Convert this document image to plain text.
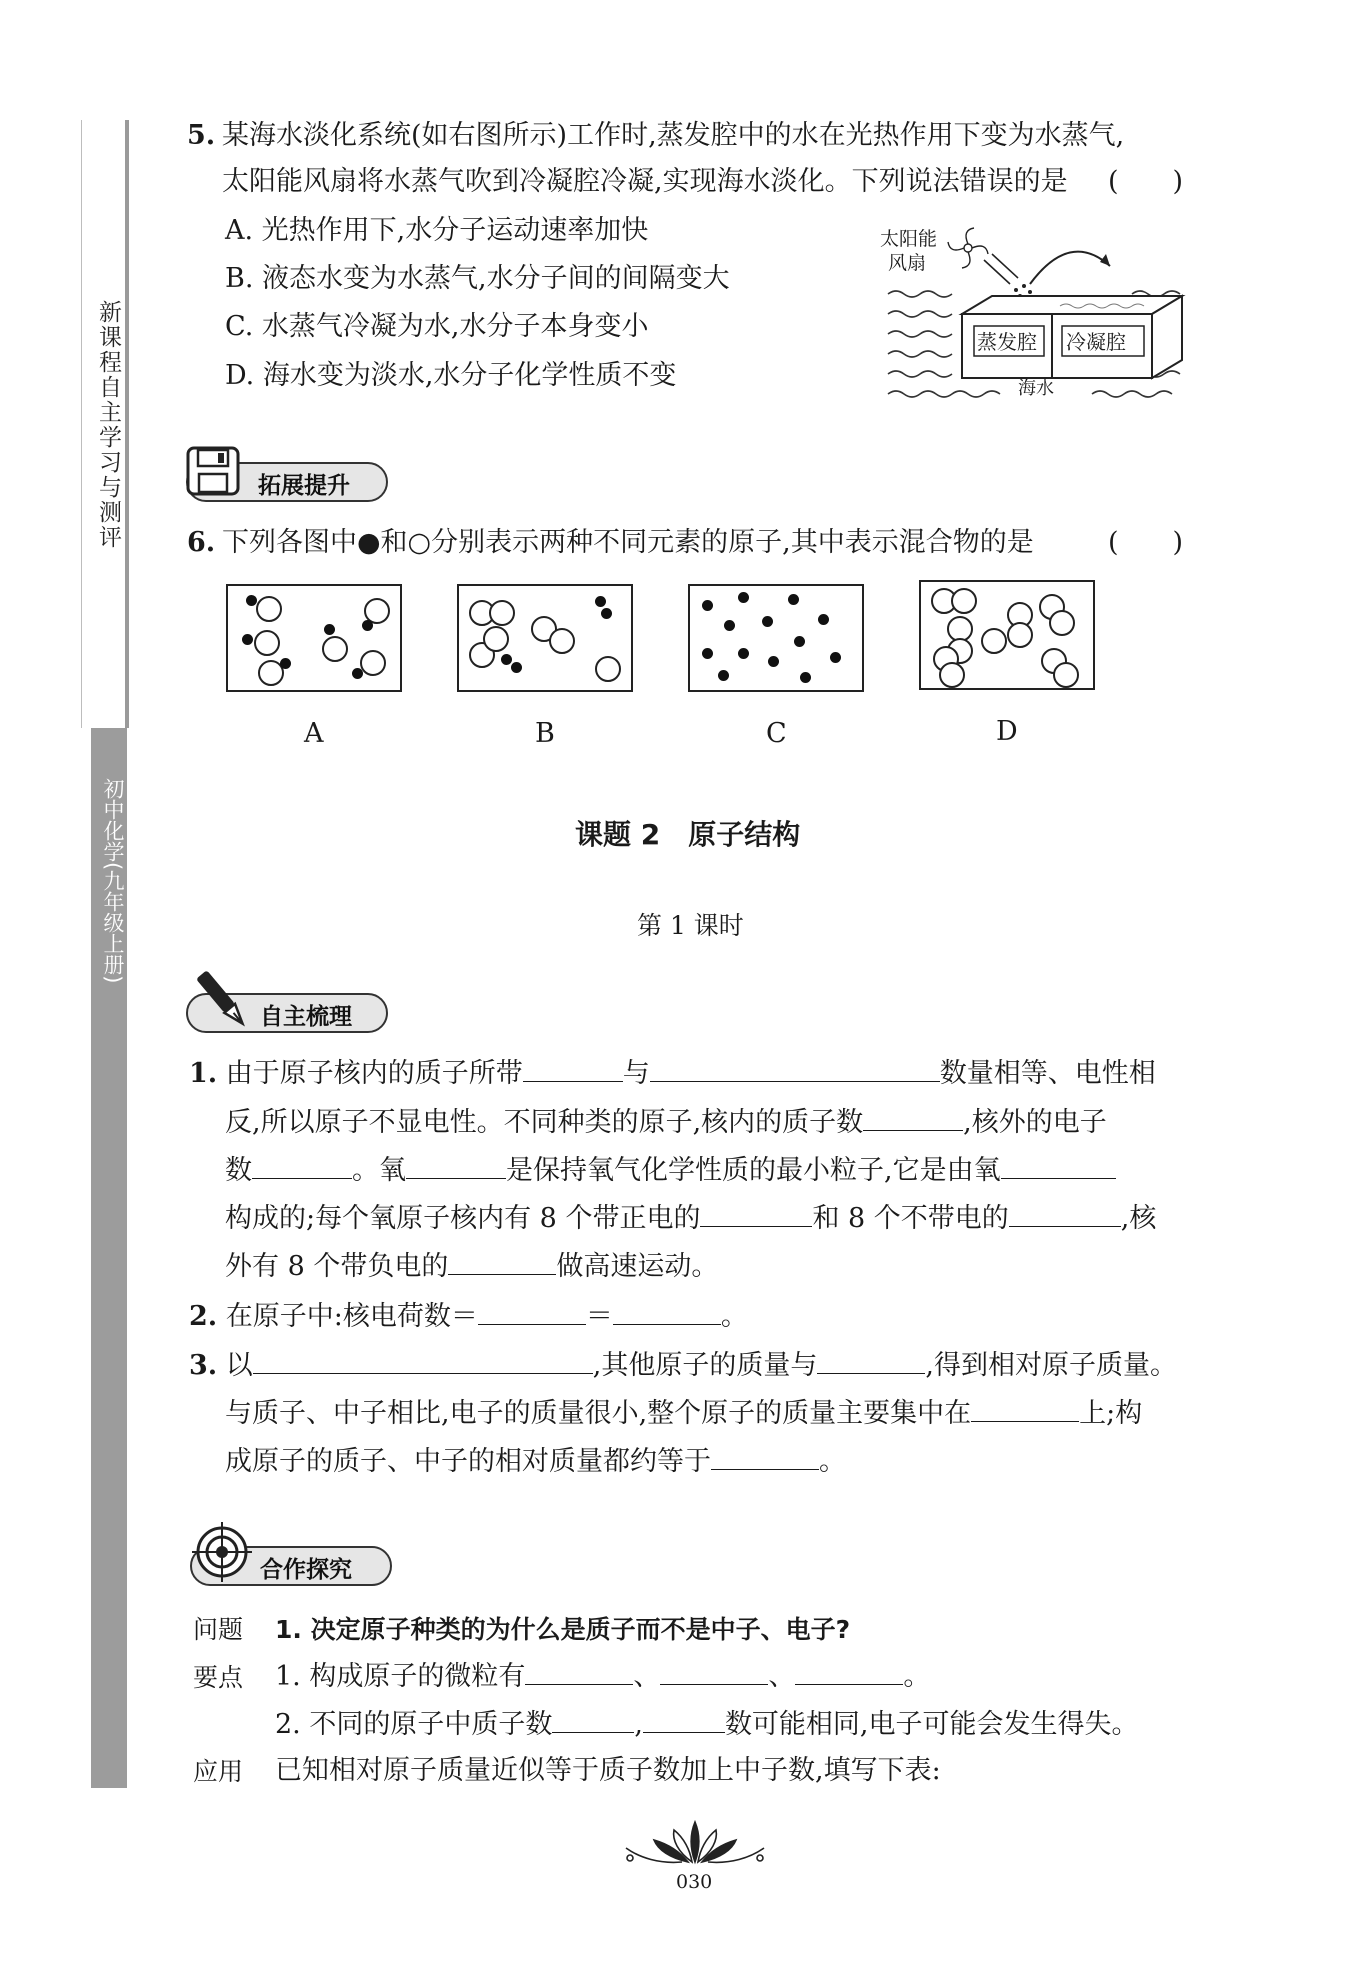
新课程自主学习与测评
初中化学(九年级上册)
5. 某海水淡化系统(如右图所示)工作时,蒸发腔中的水在光热作用下变为水蒸气,
太阳能风扇将水蒸气吹到冷凝腔冷凝,实现海水淡化。下列说法错误的是 (　　)
A. 光热作用下,水分子运动速率加快
B. 液态水变为水蒸气,水分子间的间隔变大
C. 水蒸气冷凝为水,水分子本身变小
D. 海水变为淡水,水分子化学性质不变
太阳能
风扇
蒸发腔 冷凝腔
海水
拓展提升
6. 下列各图中●和○分别表示两种不同元素的原子,其中表示混合物的是	(　　)
A	B	C	D
课题 2　原子结构
第 1 课时
自主梳理
1. 由于原子核内的质子所带	与	数量相等、电性相
反,所以原子不显电性。不同种类的原子,核内的质子数	,核外的电子
数	。氧	是保持氧气化学性质的最小粒子,它是由氧
构成的;每个氧原子核内有 8 个带正电的	和 8 个不带电的	,核
外有 8 个带负电的	做高速运动。
2. 在原子中:核电荷数＝	＝	。
3. 以	,其他原子的质量与	,得到相对原子质量。
与质子、中子相比,电子的质量很小,整个原子的质量主要集中在	上;构
成原子的质子、中子的相对质量都约等于	。
合作探究
问题 1. 决定原子种类的为什么是质子而不是中子、电子?
要点 1. 构成原子的微粒有	、	、	。
2. 不同的原子中质子数	,	数可能相同,电子可能会发生得失。
应用 已知相对原子质量近似等于质子数加上中子数,填写下表:
030
